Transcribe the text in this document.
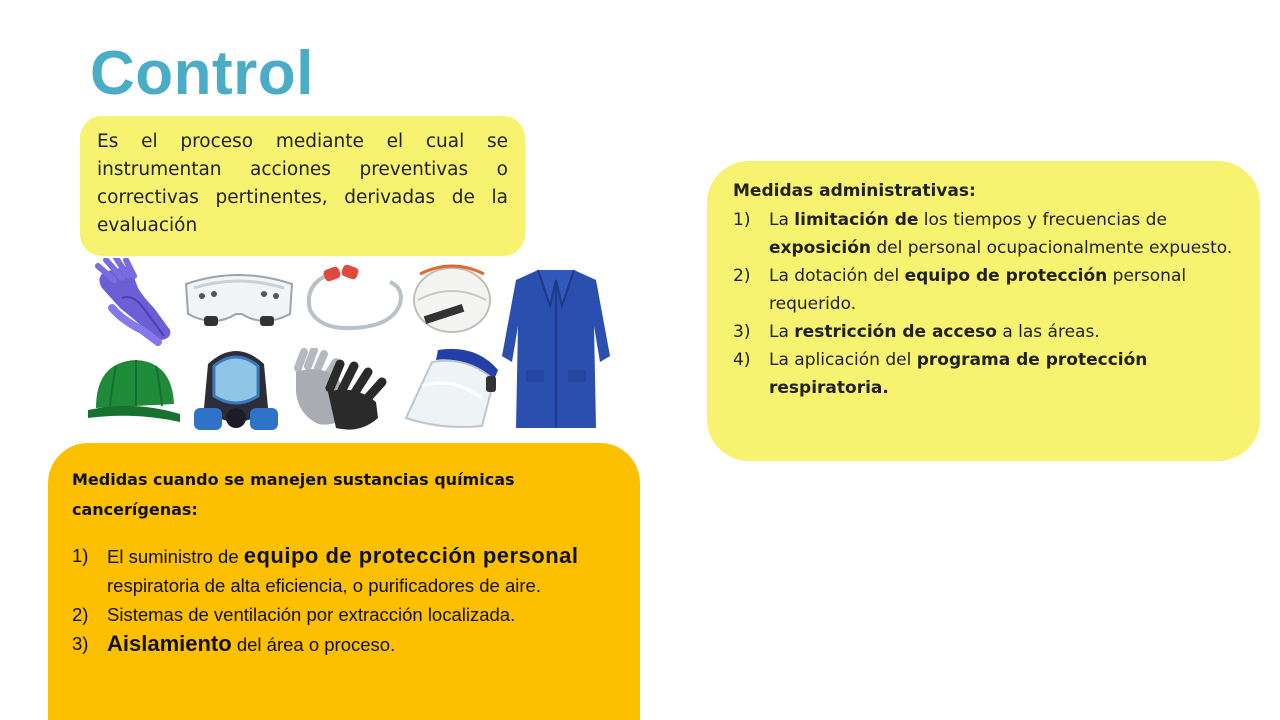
Control

Es el proceso mediante el cual se instrumentan acciones preventivas o correctivas pertinentes, derivadas de la evaluación

Medidas administrativas:
1)	La limitación de los tiempos y frecuencias de exposición del personal ocupacionalmente expuesto.
2)	La dotación del equipo de protección personal requerido.
3)	La restricción de acceso a las áreas.
4)	La aplicación del programa de protección respiratoria.
Medidas cuando se manejen sustancias químicas cancerígenas:
1)	El suministro de equipo de protección personal respiratoria de alta eficiencia, o purificadores de aire.
2)	Sistemas de ventilación por extracción localizada.
3) Aislamiento del área o proceso.
